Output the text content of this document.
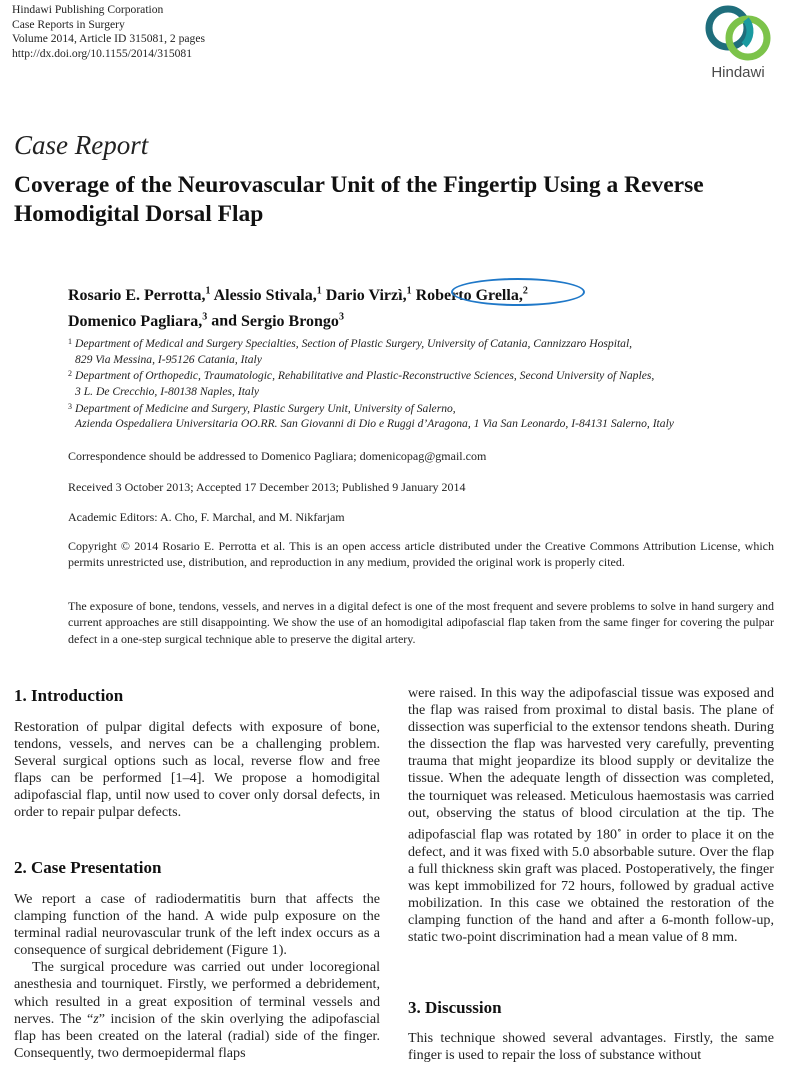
Hindawi Publishing Corporation
Case Reports in Surgery
Volume 2014, Article ID 315081, 2 pages
http://dx.doi.org/10.1155/2014/315081
Hindawi
Case Report
Coverage of the Neurovascular Unit of the Fingertip Using a Reverse Homodigital Dorsal Flap
Rosario E. Perrotta,$^1$ Alessio Stivala,$^1$ Dario Virzì,$^1$ Roberto Grella,$^2$
Domenico Pagliara,$^3$ and Sergio Brongo$^3$
1 Department of Medical and Surgery Specialties, Section of Plastic Surgery, University of Catania, Cannizzaro Hospital,
829 Via Messina, I-95126 Catania, Italy
2 Department of Orthopedic, Traumatologic, Rehabilitative and Plastic-Reconstructive Sciences, Second University of Naples,
3 L. De Crecchio, I-80138 Naples, Italy
3 Department of Medicine and Surgery, Plastic Surgery Unit, University of Salerno,
Azienda Ospedaliera Universitaria OO.RR. San Giovanni di Dio e Ruggi d’Aragona, 1 Via San Leonardo, I-84131 Salerno, Italy
Correspondence should be addressed to Domenico Pagliara; domenicopag@gmail.com
Received 3 October 2013; Accepted 17 December 2013; Published 9 January 2014
Academic Editors: A. Cho, F. Marchal, and M. Nikfarjam

Copyright © 2014 Rosario E. Perrotta et al. This is an open access article distributed under the Creative Commons Attribution License, which permits unrestricted use, distribution, and reproduction in any medium, provided the original work is properly cited.

The exposure of bone, tendons, vessels, and nerves in a digital defect is one of the most frequent and severe problems to solve in hand surgery and current approaches are still disappointing. We show the use of an homodigital adipofascial flap taken from the same finger for covering the pulpar defect in a one-step surgical technique able to preserve the digital artery.

1. Introduction

Restoration of pulpar digital defects with exposure of bone, tendons, vessels, and nerves can be a challenging problem. Several surgical options such as local, reverse flow and free flaps can be performed [1–4]. We propose a homodigital adipofascial flap, until now used to cover only dorsal defects, in order to repair pulpar defects.

2. Case Presentation

We report a case of radiodermatitis burn that affects the clamping function of the hand. A wide pulp exposure on the terminal radial neurovascular trunk of the left index occurs as a consequence of surgical debridement (Figure 1).

The surgical procedure was carried out under locoregional anesthesia and tourniquet. Firstly, we performed a debridement, which resulted in a great exposition of terminal vessels and nerves. The “z” incision of the skin overlying the adipofascial flap has been created on the lateral (radial) side of the finger. Consequently, two dermoepidermal flaps

were raised. In this way the adipofascial tissue was exposed and the flap was raised from proximal to distal basis. The plane of dissection was superficial to the extensor tendons sheath. During the dissection the flap was harvested very carefully, preventing trauma that might jeopardize its blood supply or devitalize the tissue. When the adequate length of dissection was completed, the tourniquet was released. Meticulous haemostasis was carried out, observing the status of blood circulation at the tip. The adipofascial flap was rotated by 180∘ in order to place it on the defect, and it was fixed with 5.0 absorbable suture. Over the flap a full thickness skin graft was placed. Postoperatively, the finger was kept immobilized for 72 hours, followed by gradual active mobilization. In this case we obtained the restoration of the clamping function of the hand and after a 6-month follow-up, static two-point discrimination had a mean value of 8 mm.

3. Discussion

This technique showed several advantages. Firstly, the same finger is used to repair the loss of substance without
